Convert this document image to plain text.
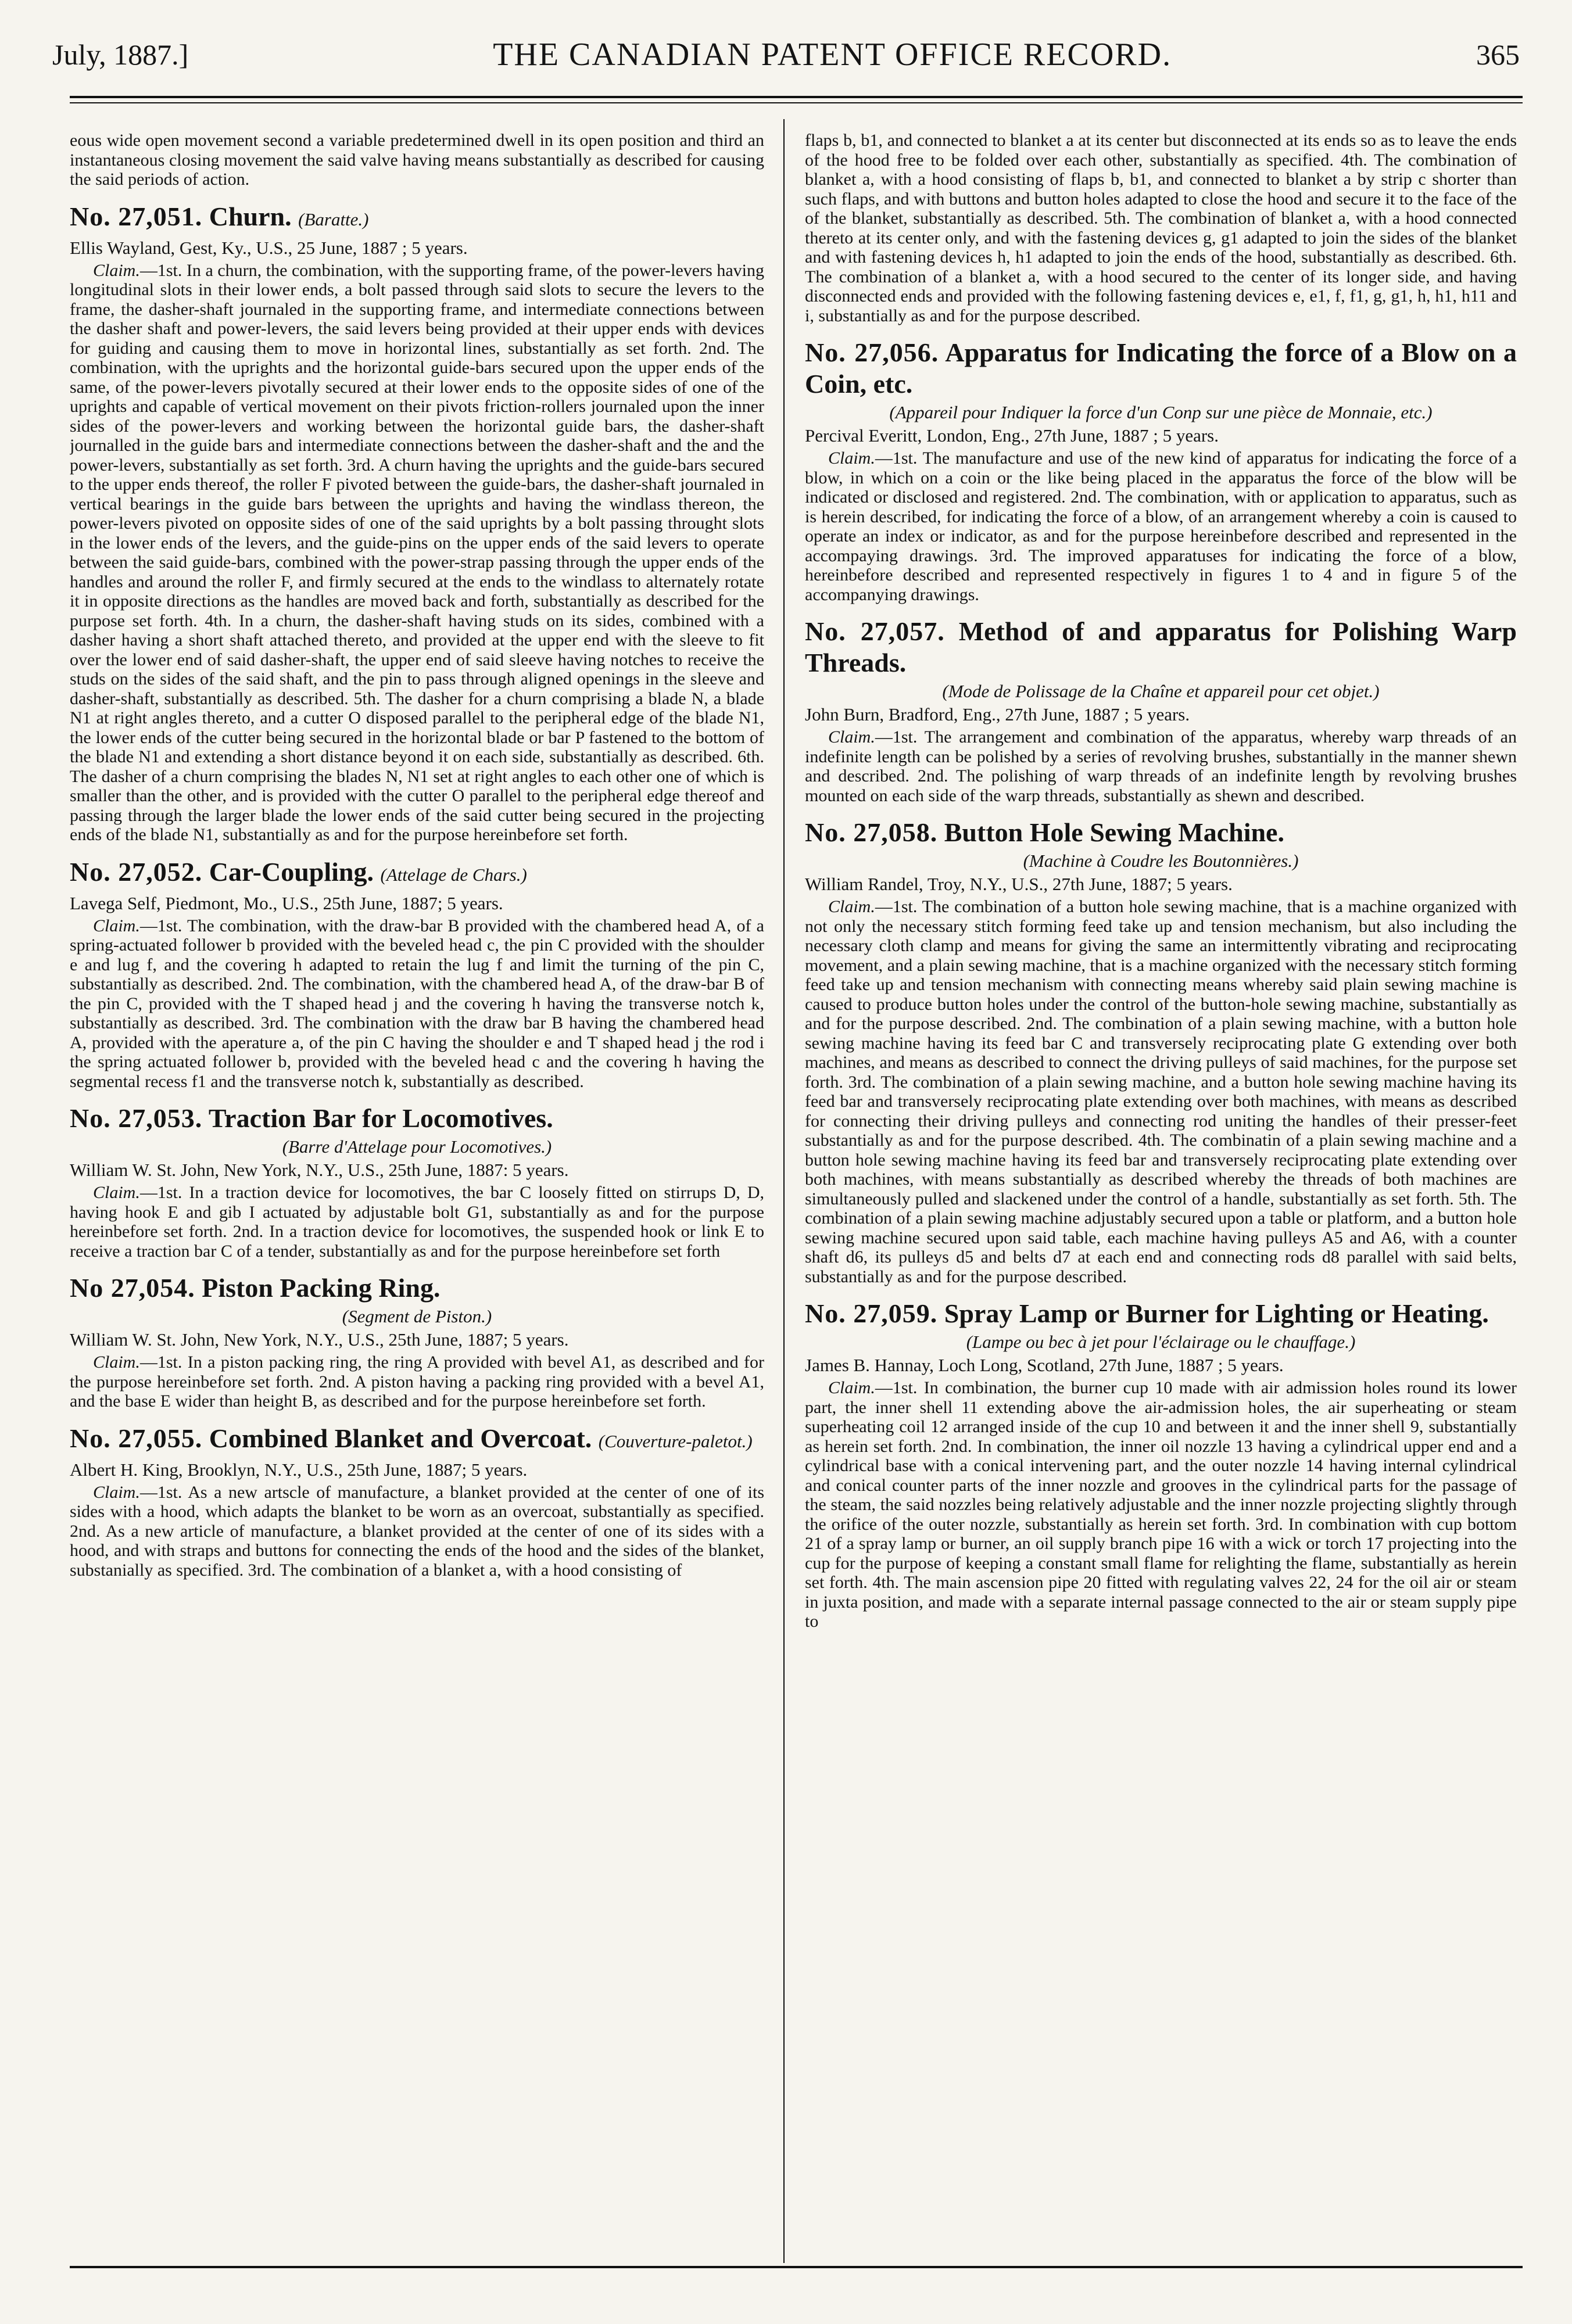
July, 1887.]	THE CANADIAN PATENT OFFICE RECORD.	365

eous wide open movement second a variable predetermined dwell in its open position and third an instantaneous closing movement the said valve having means substantially as described for causing the said periods of action.

No. 27,051. Churn. (Baratte.)

Ellis Wayland, Gest, Ky., U.S., 25 June, 1887 ; 5 years.

Claim.—1st. In a churn, the combination, with the supporting frame, of the power-levers having longitudinal slots in their lower ends, a bolt passed through said slots to secure the levers to the frame, the dasher-shaft journaled in the supporting frame, and intermediate connections between the dasher shaft and power-levers, the said levers being provided at their upper ends with devices for guiding and causing them to move in horizontal lines, substantially as set forth. 2nd. The combination, with the uprights and the horizontal guide-bars secured upon the upper ends of the same, of the power-levers pivotally secured at their lower ends to the opposite sides of one of the uprights and capable of vertical movement on their pivots friction-rollers journaled upon the inner sides of the power-levers and working between the horizontal guide bars, the dasher-shaft journalled in the guide bars and intermediate connections between the dasher-shaft and the and the power-levers, substantially as set forth. 3rd. A churn having the uprights and the guide-bars secured to the upper ends thereof, the roller F pivoted between the guide-bars, the dasher-shaft journaled in vertical bearings in the guide bars between the uprights and having the windlass thereon, the power-levers pivoted on opposite sides of one of the said uprights by a bolt passing throught slots in the lower ends of the levers, and the guide-pins on the upper ends of the said levers to operate between the said guide-bars, combined with the power-strap passing through the upper ends of the handles and around the roller F, and firmly secured at the ends to the windlass to alternately rotate it in opposite directions as the handles are moved back and forth, substantially as described for the purpose set forth. 4th. In a churn, the dasher-shaft having studs on its sides, combined with a dasher having a short shaft attached thereto, and provided at the upper end with the sleeve to fit over the lower end of said dasher-shaft, the upper end of said sleeve having notches to receive the studs on the sides of the said shaft, and the pin to pass through aligned openings in the sleeve and dasher-shaft, substantially as described. 5th. The dasher for a churn comprising a blade N, a blade N1 at right angles thereto, and a cutter O disposed parallel to the peripheral edge of the blade N1, the lower ends of the cutter being secured in the horizontal blade or bar P fastened to the bottom of the blade N1 and extending a short distance beyond it on each side, substantially as described. 6th. The dasher of a churn comprising the blades N, N1 set at right angles to each other one of which is smaller than the other, and is provided with the cutter O parallel to the peripheral edge thereof and passing through the larger blade the lower ends of the said cutter being secured in the projecting ends of the blade N1, substantially as and for the purpose hereinbefore set forth.

No. 27,052. Car-Coupling. (Attelage de Chars.)

Lavega Self, Piedmont, Mo., U.S., 25th June, 1887; 5 years.

Claim.—1st. The combination, with the draw-bar B provided with the chambered head A, of a spring-actuated follower b provided with the beveled head c, the pin C provided with the shoulder e and lug f, and the covering h adapted to retain the lug f and limit the turning of the pin C, substantially as described. 2nd. The combination, with the chambered head A, of the draw-bar B of the pin C, provided with the T shaped head j and the covering h having the transverse notch k, substantially as described. 3rd. The combination with the draw bar B having the chambered head A, provided with the aperature a, of the pin C having the shoulder e and T shaped head j the rod i the spring actuated follower b, provided with the beveled head c and the covering h having the segmental recess f1 and the transverse notch k, substantially as described.

No. 27,053. Traction Bar for Locomotives.

(Barre d'Attelage pour Locomotives.)

William W. St. John, New York, N.Y., U.S., 25th June, 1887: 5 years.

Claim.—1st. In a traction device for locomotives, the bar C loosely fitted on stirrups D, D, having hook E and gib I actuated by adjustable bolt G1, substantially as and for the purpose hereinbefore set forth. 2nd. In a traction device for locomotives, the suspended hook or link E to receive a traction bar C of a tender, substantially as and for the purpose hereinbefore set forth

No 27,054. Piston Packing Ring.

(Segment de Piston.)

William W. St. John, New York, N.Y., U.S., 25th June, 1887; 5 years.

Claim.—1st. In a piston packing ring, the ring A provided with bevel A1, as described and for the purpose hereinbefore set forth. 2nd. A piston having a packing ring provided with a bevel A1, and the base E wider than height B, as described and for the purpose hereinbefore set forth.

No. 27,055. Combined Blanket and Overcoat. (Couverture-paletot.)

Albert H. King, Brooklyn, N.Y., U.S., 25th June, 1887; 5 years.

Claim.—1st. As a new artscle of manufacture, a blanket provided at the center of one of its sides with a hood, which adapts the blanket to be worn as an overcoat, substantially as specified. 2nd. As a new article of manufacture, a blanket provided at the center of one of its sides with a hood, and with straps and buttons for connecting the ends of the hood and the sides of the blanket, substanially as specified. 3rd. The combination of a blanket a, with a hood consisting of

flaps b, b1, and connected to blanket a at its center but disconnected at its ends so as to leave the ends of the hood free to be folded over each other, substantially as specified. 4th. The combination of blanket a, with a hood consisting of flaps b, b1, and connected to blanket a by strip c shorter than such flaps, and with buttons and button holes adapted to close the hood and secure it to the face of the of the blanket, substantially as described. 5th. The combination of blanket a, with a hood connected thereto at its center only, and with the fastening devices g, g1 adapted to join the sides of the blanket and with fastening devices h, h1 adapted to join the ends of the hood, substantially as described. 6th. The combination of a blanket a, with a hood secured to the center of its longer side, and having disconnected ends and provided with the following fastening devices e, e1, f, f1, g, g1, h, h1, h11 and i, substantially as and for the purpose described.

No. 27,056. Apparatus for Indicating the force of a Blow on a Coin, etc.

(Appareil pour Indiquer la force d'un Conp sur une pièce de Monnaie, etc.)

Percival Everitt, London, Eng., 27th June, 1887 ; 5 years.

Claim.—1st. The manufacture and use of the new kind of apparatus for indicating the force of a blow, in which on a coin or the like being placed in the apparatus the force of the blow will be indicated or disclosed and registered. 2nd. The combination, with or application to apparatus, such as is herein described, for indicating the force of a blow, of an arrangement whereby a coin is caused to operate an index or indicator, as and for the purpose hereinbefore described and represented in the accompaying drawings. 3rd. The improved apparatuses for indicating the force of a blow, hereinbefore described and represented respectively in figures 1 to 4 and in figure 5 of the accompanying drawings.

No. 27,057. Method of and apparatus for Polishing Warp Threads.

(Mode de Polissage de la Chaîne et appareil pour cet objet.)

John Burn, Bradford, Eng., 27th June, 1887 ; 5 years.

Claim.—1st. The arrangement and combination of the apparatus, whereby warp threads of an indefinite length can be polished by a series of revolving brushes, substantially in the manner shewn and described. 2nd. The polishing of warp threads of an indefinite length by revolving brushes mounted on each side of the warp threads, substantially as shewn and described.

No. 27,058. Button Hole Sewing Machine.

(Machine à Coudre les Boutonnières.)

William Randel, Troy, N.Y., U.S., 27th June, 1887; 5 years.

Claim.—1st. The combination of a button hole sewing machine, that is a machine organized with not only the necessary stitch forming feed take up and tension mechanism, but also including the necessary cloth clamp and means for giving the same an intermittently vibrating and reciprocating movement, and a plain sewing machine, that is a machine organized with the necessary stitch forming feed take up and tension mechanism with connecting means whereby said plain sewing machine is caused to produce button holes under the control of the button-hole sewing machine, substantially as and for the purpose described. 2nd. The combination of a plain sewing machine, with a button hole sewing machine having its feed bar C and transversely reciprocating plate G extending over both machines, and means as described to connect the driving pulleys of said machines, for the purpose set forth. 3rd. The combination of a plain sewing machine, and a button hole sewing machine having its feed bar and transversely reciprocating plate extending over both machines, with means as described for connecting their driving pulleys and connecting rod uniting the handles of their presser-feet substantially as and for the purpose described. 4th. The combinatin of a plain sewing machine and a button hole sewing machine having its feed bar and transversely reciprocating plate extending over both machines, with means substantially as described whereby the threads of both machines are simultaneously pulled and slackened under the control of a handle, substantially as set forth. 5th. The combination of a plain sewing machine adjustably secured upon a table or platform, and a button hole sewing machine secured upon said table, each machine having pulleys A5 and A6, with a counter shaft d6, its pulleys d5 and belts d7 at each end and connecting rods d8 parallel with said belts, substantially as and for the purpose described.

No. 27,059. Spray Lamp or Burner for Lighting or Heating.

(Lampe ou bec à jet pour l'éclairage ou le chauffage.)

James B. Hannay, Loch Long, Scotland, 27th June, 1887 ; 5 years.

Claim.—1st. In combination, the burner cup 10 made with air admission holes round its lower part, the inner shell 11 extending above the air-admission holes, the air superheating or steam superheating coil 12 arranged inside of the cup 10 and between it and the inner shell 9, substantially as herein set forth. 2nd. In combination, the inner oil nozzle 13 having a cylindrical upper end and a cylindrical base with a conical intervening part, and the outer nozzle 14 having internal cylindrical and conical counter parts of the inner nozzle and grooves in the cylindrical parts for the passage of the steam, the said nozzles being relatively adjustable and the inner nozzle projecting slightly through the orifice of the outer nozzle, substantially as herein set forth. 3rd. In combination with cup bottom 21 of a spray lamp or burner, an oil supply branch pipe 16 with a wick or torch 17 projecting into the cup for the purpose of keeping a constant small flame for relighting the flame, substantially as herein set forth. 4th. The main ascension pipe 20 fitted with regulating valves 22, 24 for the oil air or steam in juxta position, and made with a separate internal passage connected to the air or steam supply pipe to
